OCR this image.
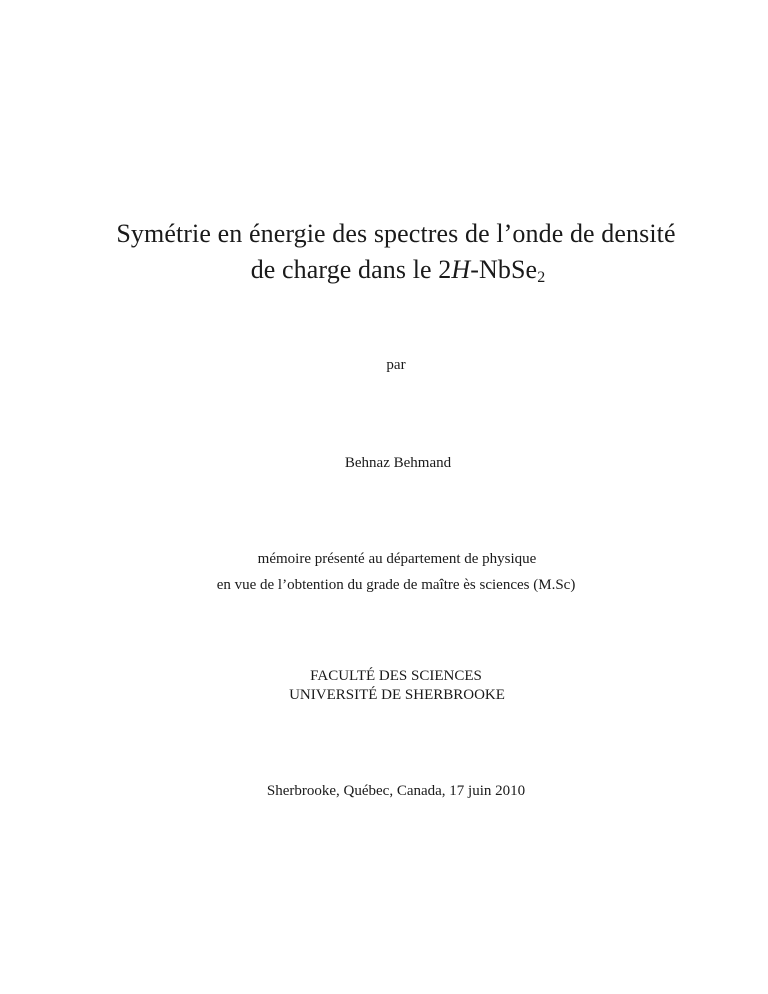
Symétrie en énergie des spectres de l’onde de densité
de charge dans le 2H-NbSe$_2$
par
Behnaz Behmand
mémoire présenté au département de physique
en vue de l’obtention du grade de maître ès sciences (M.Sc)
FACULTÉ DES SCIENCES
UNIVERSITÉ DE SHERBROOKE
Sherbrooke, Québec, Canada, 17 juin 2010
